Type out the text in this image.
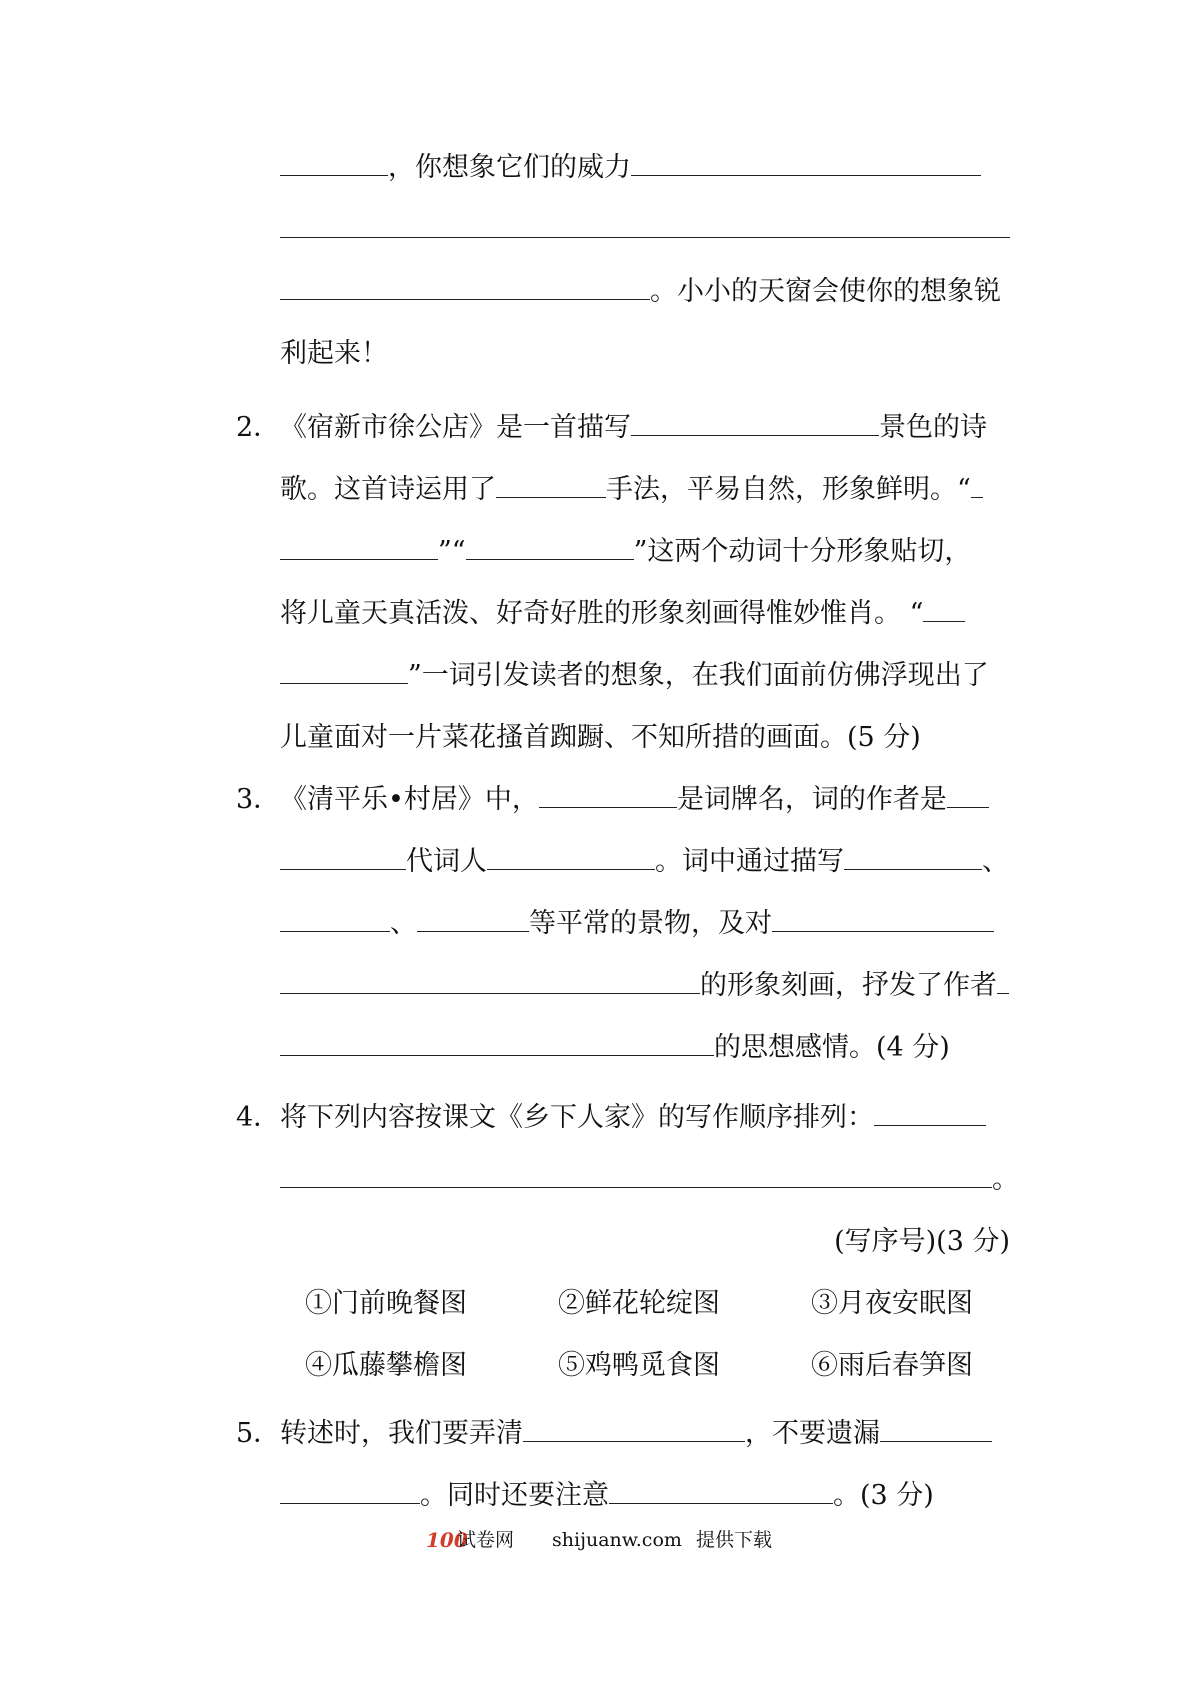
，你想象它们的威力
。小小的天窗会使你的想象锐
利起来！
2． 《宿新市徐公店》是一首描写	景色的诗
歌。这首诗运用了	手法，平易自然，形象鲜明。“
”“	”这两个动词十分形象贴切，
将儿童天真活泼、好奇好胜的形象刻画得惟妙惟肖。 “
”一词引发读者的想象，在我们面前仿佛浮现出了
儿童面对一片菜花搔首踟蹰、不知所措的画面。(5 分)
3． 《清平乐•村居》中，	是词牌名，词的作者是
代词人	。词中通过描写	、
、	等平常的景物，及对
的形象刻画，抒发了作者
的思想感情。(4 分)
4． 将下列内容按课文《乡下人家》的写作顺序排列：
。
(写序号)(3 分)
①门前晚餐图	②鲜花轮绽图	③月夜安眠图
④瓜藤攀檐图	⑤鸡鸭觅食图	⑥雨后春笋图
5． 转述时，我们要弄清	，不要遗漏
。同时还要注意	。(3 分)
100
试卷网 shijuanw.com 提供下载
